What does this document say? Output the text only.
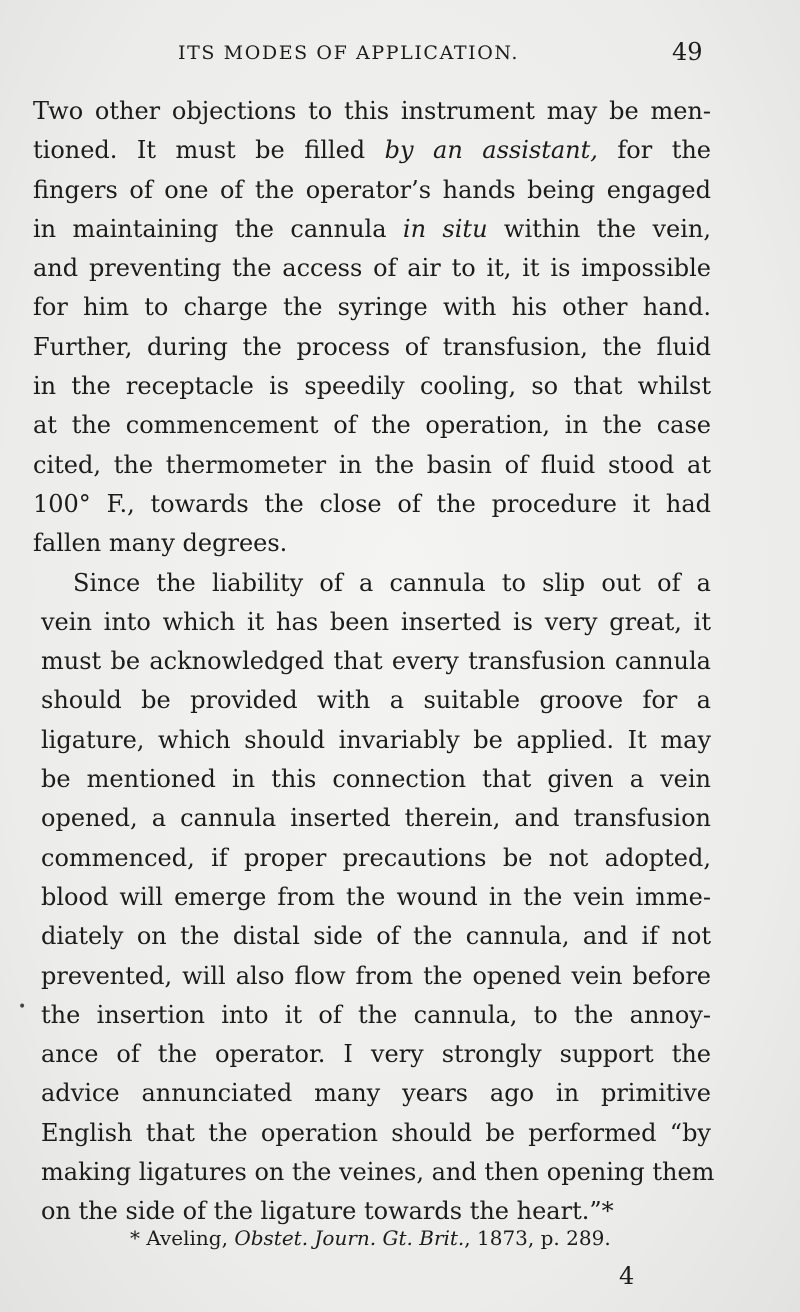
ITS MODES OF APPLICATION.	49
Two other objections to this instrument may be men-
tioned. It must be filled by an assistant, for the
fingers of one of the operator’s hands being engaged
in maintaining the cannula in situ within the vein,
and preventing the access of air to it, it is impossible
for him to charge the syringe with his other hand.
Further, during the process of transfusion, the fluid
in the receptacle is speedily cooling, so that whilst
at the commencement of the operation, in the case
cited, the thermometer in the basin of fluid stood at
100° F., towards the close of the procedure it had
fallen many degrees.
Since the liability of a cannula to slip out of a
vein into which it has been inserted is very great, it
must be acknowledged that every transfusion cannula
should be provided with a suitable groove for a
ligature, which should invariably be applied. It may
be mentioned in this connection that given a vein
opened, a cannula inserted therein, and transfusion
commenced, if proper precautions be not adopted,
blood will emerge from the wound in the vein imme-
diately on the distal side of the cannula, and if not
prevented, will also flow from the opened vein before
the insertion into it of the cannula, to the annoy-
ance of the operator. I very strongly support the
advice annunciated many years ago in primitive
English that the operation should be performed “by
making ligatures on the veines, and then opening them
on the side of the ligature towards the heart.”*
•
* Aveling, Obstet. Journ. Gt. Brit., 1873, p. 289.
4
